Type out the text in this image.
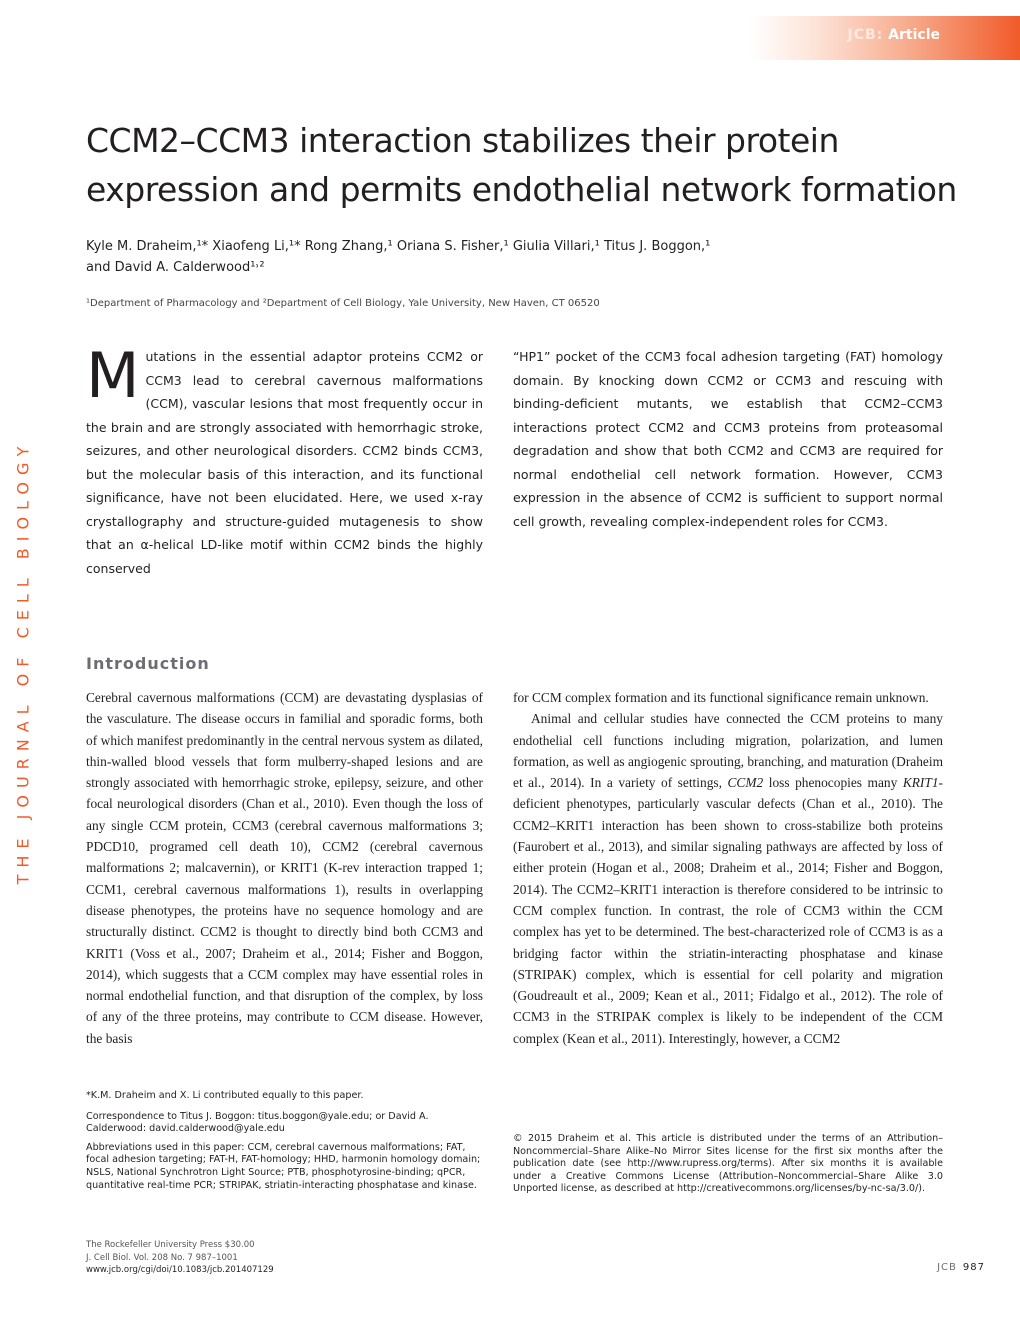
THE JOURNAL OF CELL BIOLOGY
JCB: Article
CCM2–CCM3 interaction stabilizes their protein expression and permits endothelial network formation
Kyle M. Draheim,¹* Xiaofeng Li,¹* Rong Zhang,¹ Oriana S. Fisher,¹ Giulia Villari,¹ Titus J. Boggon,¹
and David A. Calderwood¹˒²
¹Department of Pharmacology and ²Department of Cell Biology, Yale University, New Haven, CT 06520
Mutations in the essential adaptor proteins CCM2 or CCM3 lead to cerebral cavernous malformations (CCM), vascular lesions that most frequently occur in the brain and are strongly associated with hemorrhagic stroke, seizures, and other neurological disorders. CCM2 binds CCM3, but the molecular basis of this interaction, and its functional significance, have not been elucidated. Here, we used x-ray crystallography and structure-guided mutagenesis to show that an α-helical LD-like motif within CCM2 binds the highly conserved
“HP1” pocket of the CCM3 focal adhesion targeting (FAT) homology domain. By knocking down CCM2 or CCM3 and rescuing with binding-deficient mutants, we establish that CCM2–CCM3 interactions protect CCM2 and CCM3 proteins from proteasomal degradation and show that both CCM2 and CCM3 are required for normal endothelial cell network formation. However, CCM3 expression in the absence of CCM2 is sufficient to support normal cell growth, revealing complex-independent roles for CCM3.
Introduction
Cerebral cavernous malformations (CCM) are devastating dysplasias of the vasculature. The disease occurs in familial and sporadic forms, both of which manifest predominantly in the central nervous system as dilated, thin-walled blood vessels that form mulberry-shaped lesions and are strongly associated with hemorrhagic stroke, epilepsy, seizure, and other focal neurological disorders (Chan et al., 2010). Even though the loss of any single CCM protein, CCM3 (cerebral cavernous malformations 3; PDCD10, programed cell death 10), CCM2 (cerebral cavernous malformations 2; malcavernin), or KRIT1 (K-rev interaction trapped 1; CCM1, cerebral cavernous malformations 1), results in overlapping disease phenotypes, the proteins have no sequence homology and are structurally distinct. CCM2 is thought to directly bind both CCM3 and KRIT1 (Voss et al., 2007; Draheim et al., 2014; Fisher and Boggon, 2014), which suggests that a CCM complex may have essential roles in normal endothelial function, and that disruption of the complex, by loss of any of the three proteins, may contribute to CCM disease. However, the basis
for CCM complex formation and its functional significance remain unknown.
Animal and cellular studies have connected the CCM proteins to many endothelial cell functions including migration, polarization, and lumen formation, as well as angiogenic sprouting, branching, and maturation (Draheim et al., 2014). In a variety of settings, CCM2 loss phenocopies many KRIT1-deficient phenotypes, particularly vascular defects (Chan et al., 2010). The CCM2–KRIT1 interaction has been shown to cross-stabilize both proteins (Faurobert et al., 2013), and similar signaling pathways are affected by loss of either protein (Hogan et al., 2008; Draheim et al., 2014; Fisher and Boggon, 2014). The CCM2–KRIT1 interaction is therefore considered to be intrinsic to CCM complex function. In contrast, the role of CCM3 within the CCM complex has yet to be determined. The best-characterized role of CCM3 is as a bridging factor within the striatin-interacting phosphatase and kinase (STRIPAK) complex, which is essential for cell polarity and migration (Goudreault et al., 2009; Kean et al., 2011; Fidalgo et al., 2012). The role of CCM3 in the STRIPAK complex is likely to be independent of the CCM complex (Kean et al., 2011). Interestingly, however, a CCM2

*K.M. Draheim and X. Li contributed equally to this paper.

Correspondence to Titus J. Boggon: titus.boggon@yale.edu; or David A. Calderwood: david.calderwood@yale.edu

Abbreviations used in this paper: CCM, cerebral cavernous malformations; FAT, focal adhesion targeting; FAT-H, FAT-homology; HHD, harmonin homology domain; NSLS, National Synchrotron Light Source; PTB, phosphotyrosine-binding; qPCR, quantitative real-time PCR; STRIPAK, striatin-interacting phosphatase and kinase.

© 2015 Draheim et al. This article is distributed under the terms of an Attribution–Noncommercial–Share Alike–No Mirror Sites license for the first six months after the publication date (see http://www.rupress.org/terms). After six months it is available under a Creative Commons License (Attribution–Noncommercial–Share Alike 3.0 Unported license, as described at http://creativecommons.org/licenses/by-nc-sa/3.0/).
The Rockefeller University Press $30.00
J. Cell Biol. Vol. 208 No. 7 987–1001
www.jcb.org/cgi/doi/10.1083/jcb.201407129	JCB 987
